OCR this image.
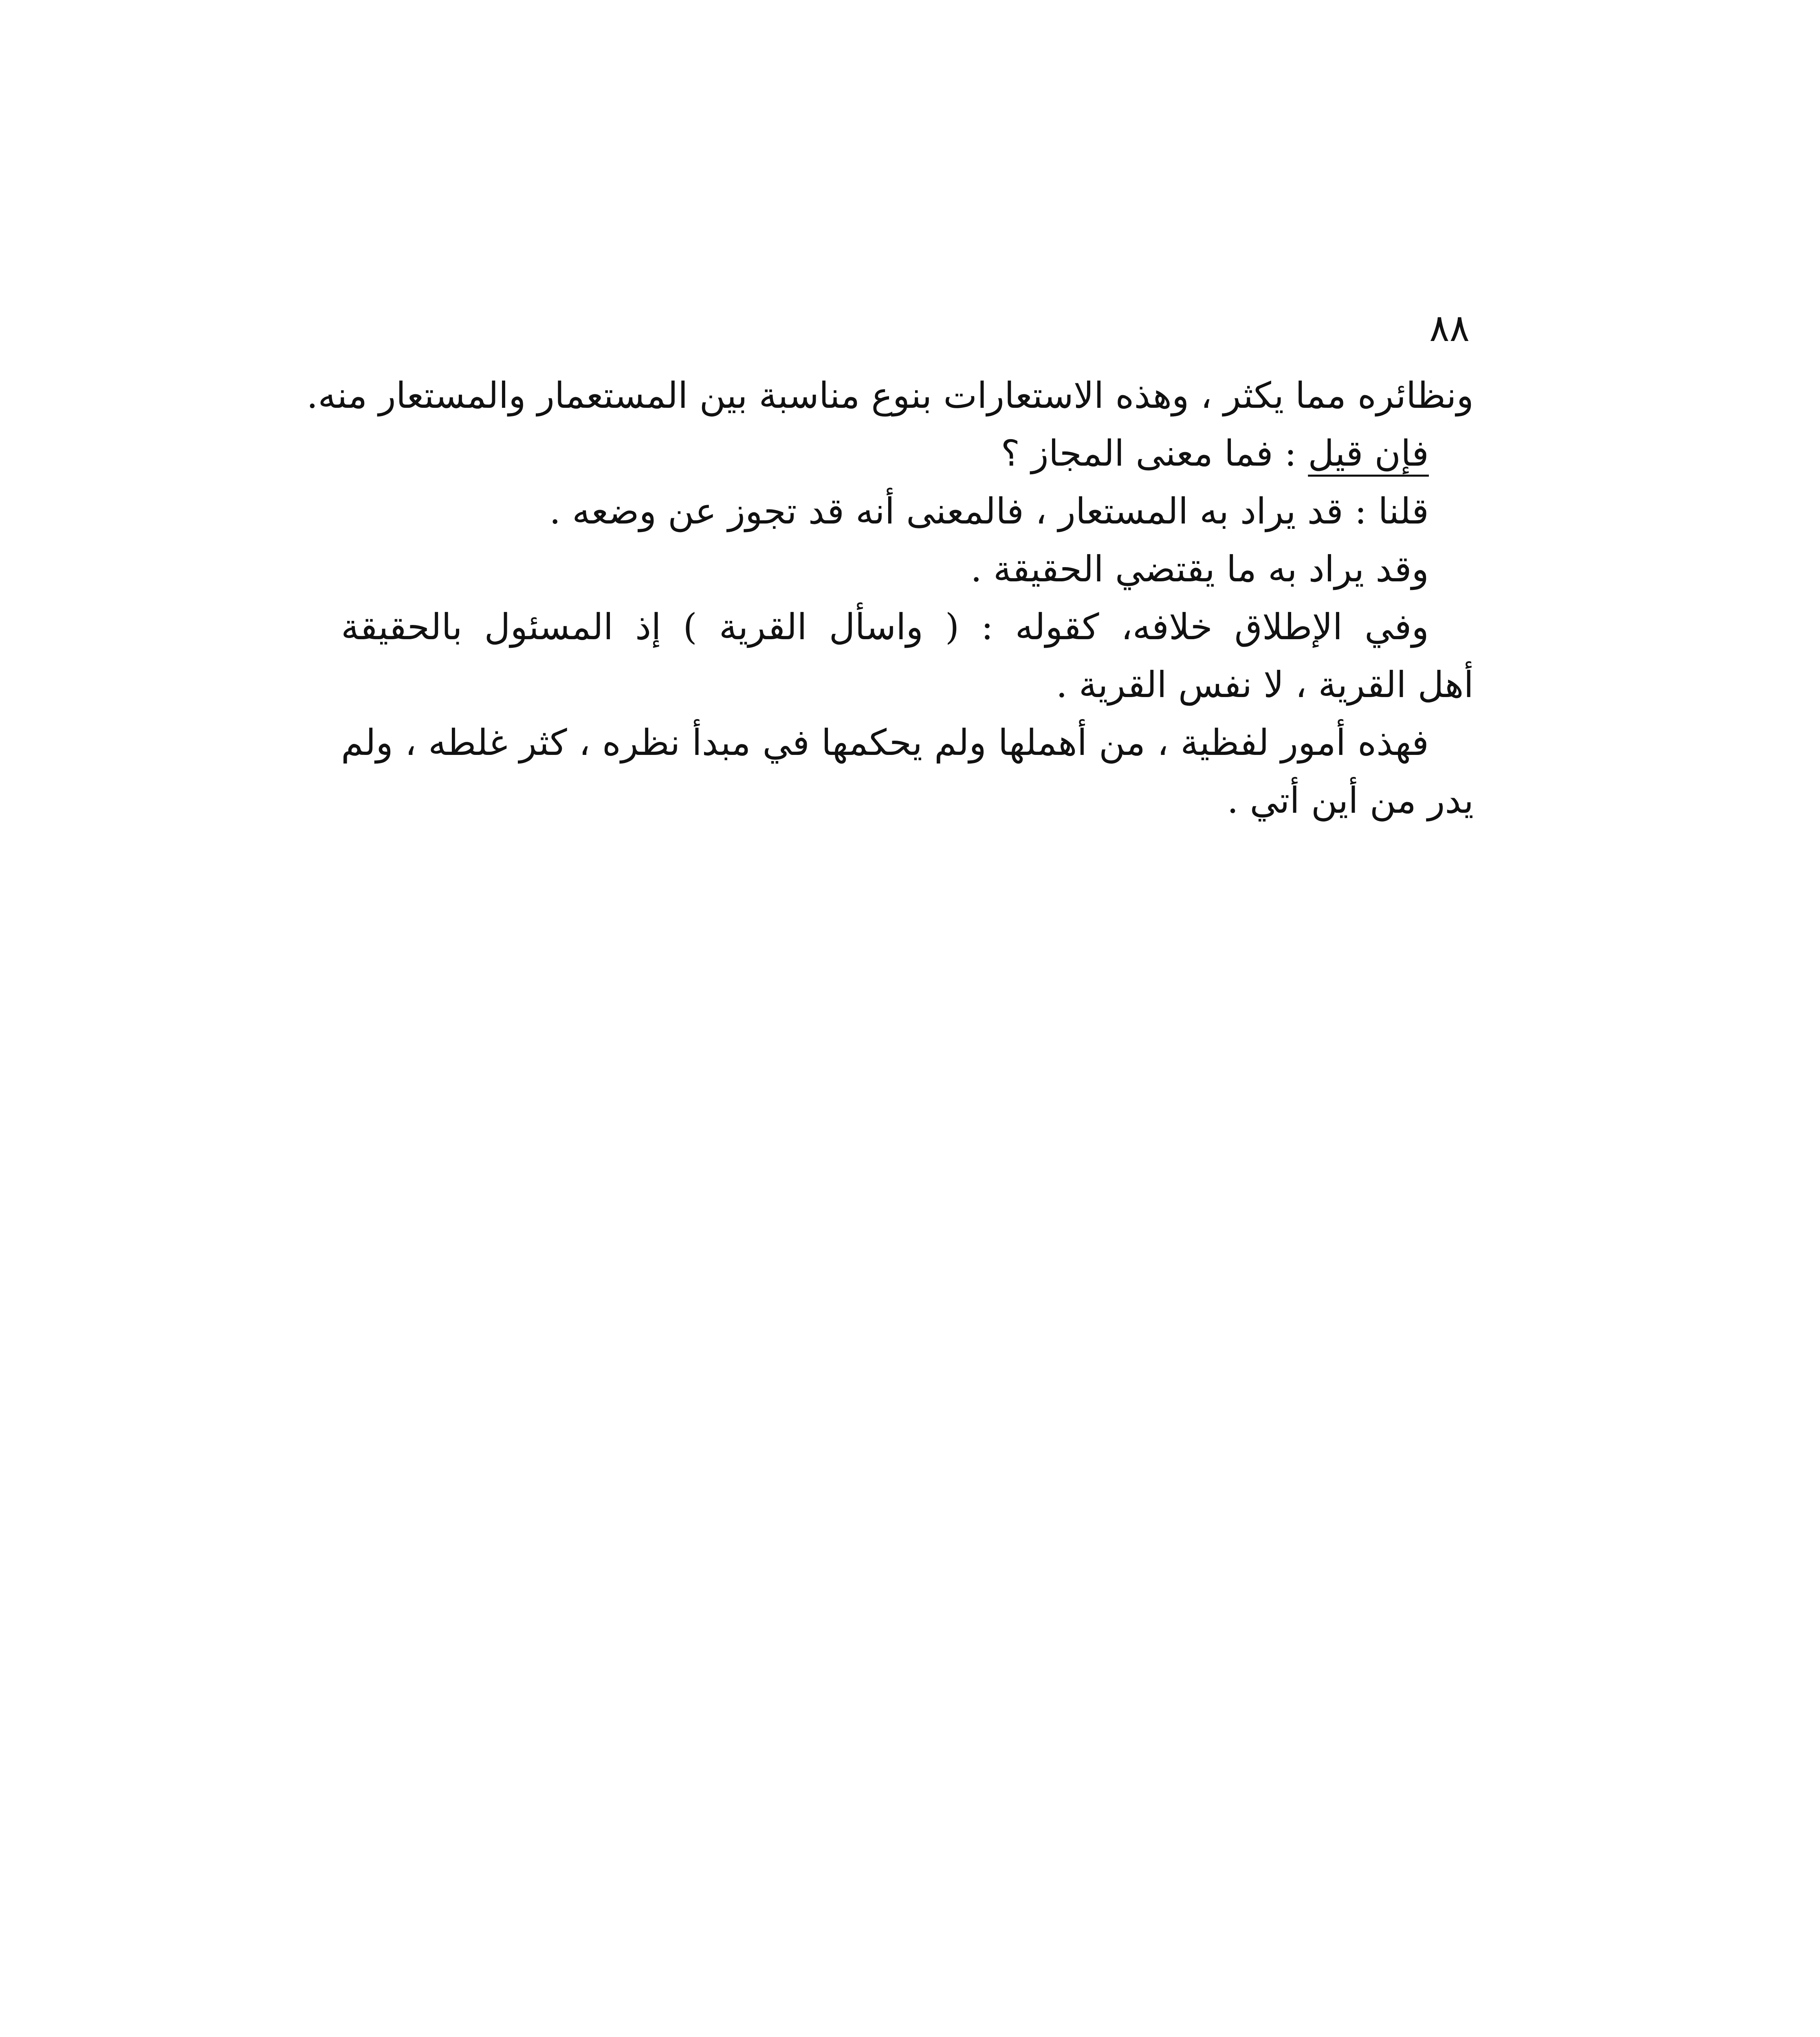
٨٨
ونظائره مما يكثر ، وهذه الاستعارات بنوع مناسبة بين المستعمار والمستعار منه.
فإن قيل : فما معنى المجاز ؟
قلنا : قد يراد به المستعار ، فالمعنى أنه قد تجوز عن وضعه .
وقد يراد به ما يقتضي الحقيقة .
وفي الإطلاق خلافه، كقوله : ( واسأل القرية ) إذ المسئول بالحقيقة
أهل القرية ، لا نفس القرية .
فهذه أمور لفظية ، من أهملها ولم يحكمها في مبدأ نظره ، كثر غلطه ، ولم
يدر من أين أتي .
